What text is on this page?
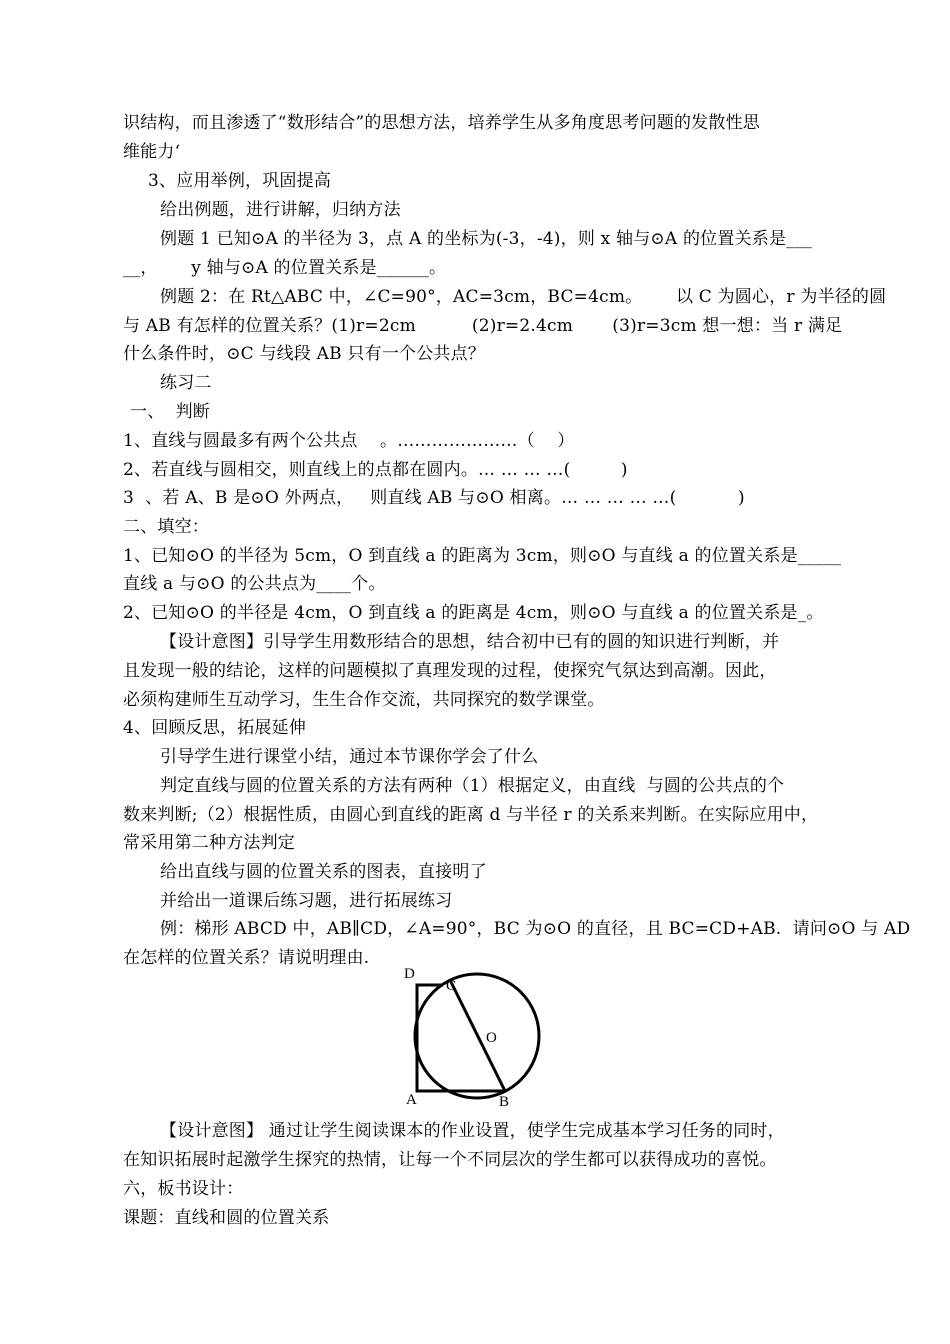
识结构，而且渗透了“数形结合”的思想方法，培养学生从多角度思考问题的发散性思
维能力‘
3、应用举例，巩固提高
给出例题，进行讲解，归纳方法
例题 1 已知⊙A 的半径为 3，点 A 的坐标为(-3，-4)，则 x 轴与⊙A 的位置关系是___
__，      y 轴与⊙A 的位置关系是______。
例题 2：在 Rt△ABC 中，∠C=90°，AC=3cm，BC=4cm。      以 C 为圆心，r 为半径的圆
与 AB 有怎样的位置关系？(1)r=2cm          (2)r=2.4cm       (3)r=3cm 想一想：当 r 满足
什么条件时，⊙C 与线段 AB 只有一个公共点？
练习二
一、  判断
1、直线与圆最多有两个公共点    。…………………（    ）
2、若直线与圆相交，则直线上的点都在圆内。… … … …(         )
3  、若 A、B 是⊙O 外两点，   则直线 AB 与⊙O 相离。… … … … …(           )
二、填空：
1、已知⊙O 的半径为 5cm，O 到直线 a 的距离为 3cm，则⊙O 与直线 a 的位置关系是_____
直线 a 与⊙O 的公共点为____个。
2、已知⊙O 的半径是 4cm，O 到直线 a 的距离是 4cm，则⊙O 与直线 a 的位置关系是_。
【设计意图】引导学生用数形结合的思想，结合初中已有的圆的知识进行判断，并
且发现一般的结论，这样的问题模拟了真理发现的过程，使探究气氛达到高潮。因此，
必须构建师生互动学习，生生合作交流，共同探究的数学课堂。
4、回顾反思，拓展延伸
引导学生进行课堂小结，通过本节课你学会了什么
判定直线与圆的位置关系的方法有两种（1）根据定义，由直线  与圆的公共点的个
数来判断;（2）根据性质，由圆心到直线的距离 d 与半径 r 的关系来判断。在实际应用中，
常采用第二种方法判定
给出直线与圆的位置关系的图表，直接明了
并给出一道课后练习题，进行拓展练习
例：梯形 ABCD 中，AB∥CD，∠A=90°，BC 为⊙O 的直径，且 BC=CD+AB.  请问⊙O 与 AD
在怎样的位置关系？请说明理由.
D
C
O
A	B
【设计意图】 通过让学生阅读课本的作业设置，使学生完成基本学习任务的同时，
在知识拓展时起激学生探究的热情，让每一个不同层次的学生都可以获得成功的喜悦。
六，板书设计：
课题：直线和圆的位置关系
